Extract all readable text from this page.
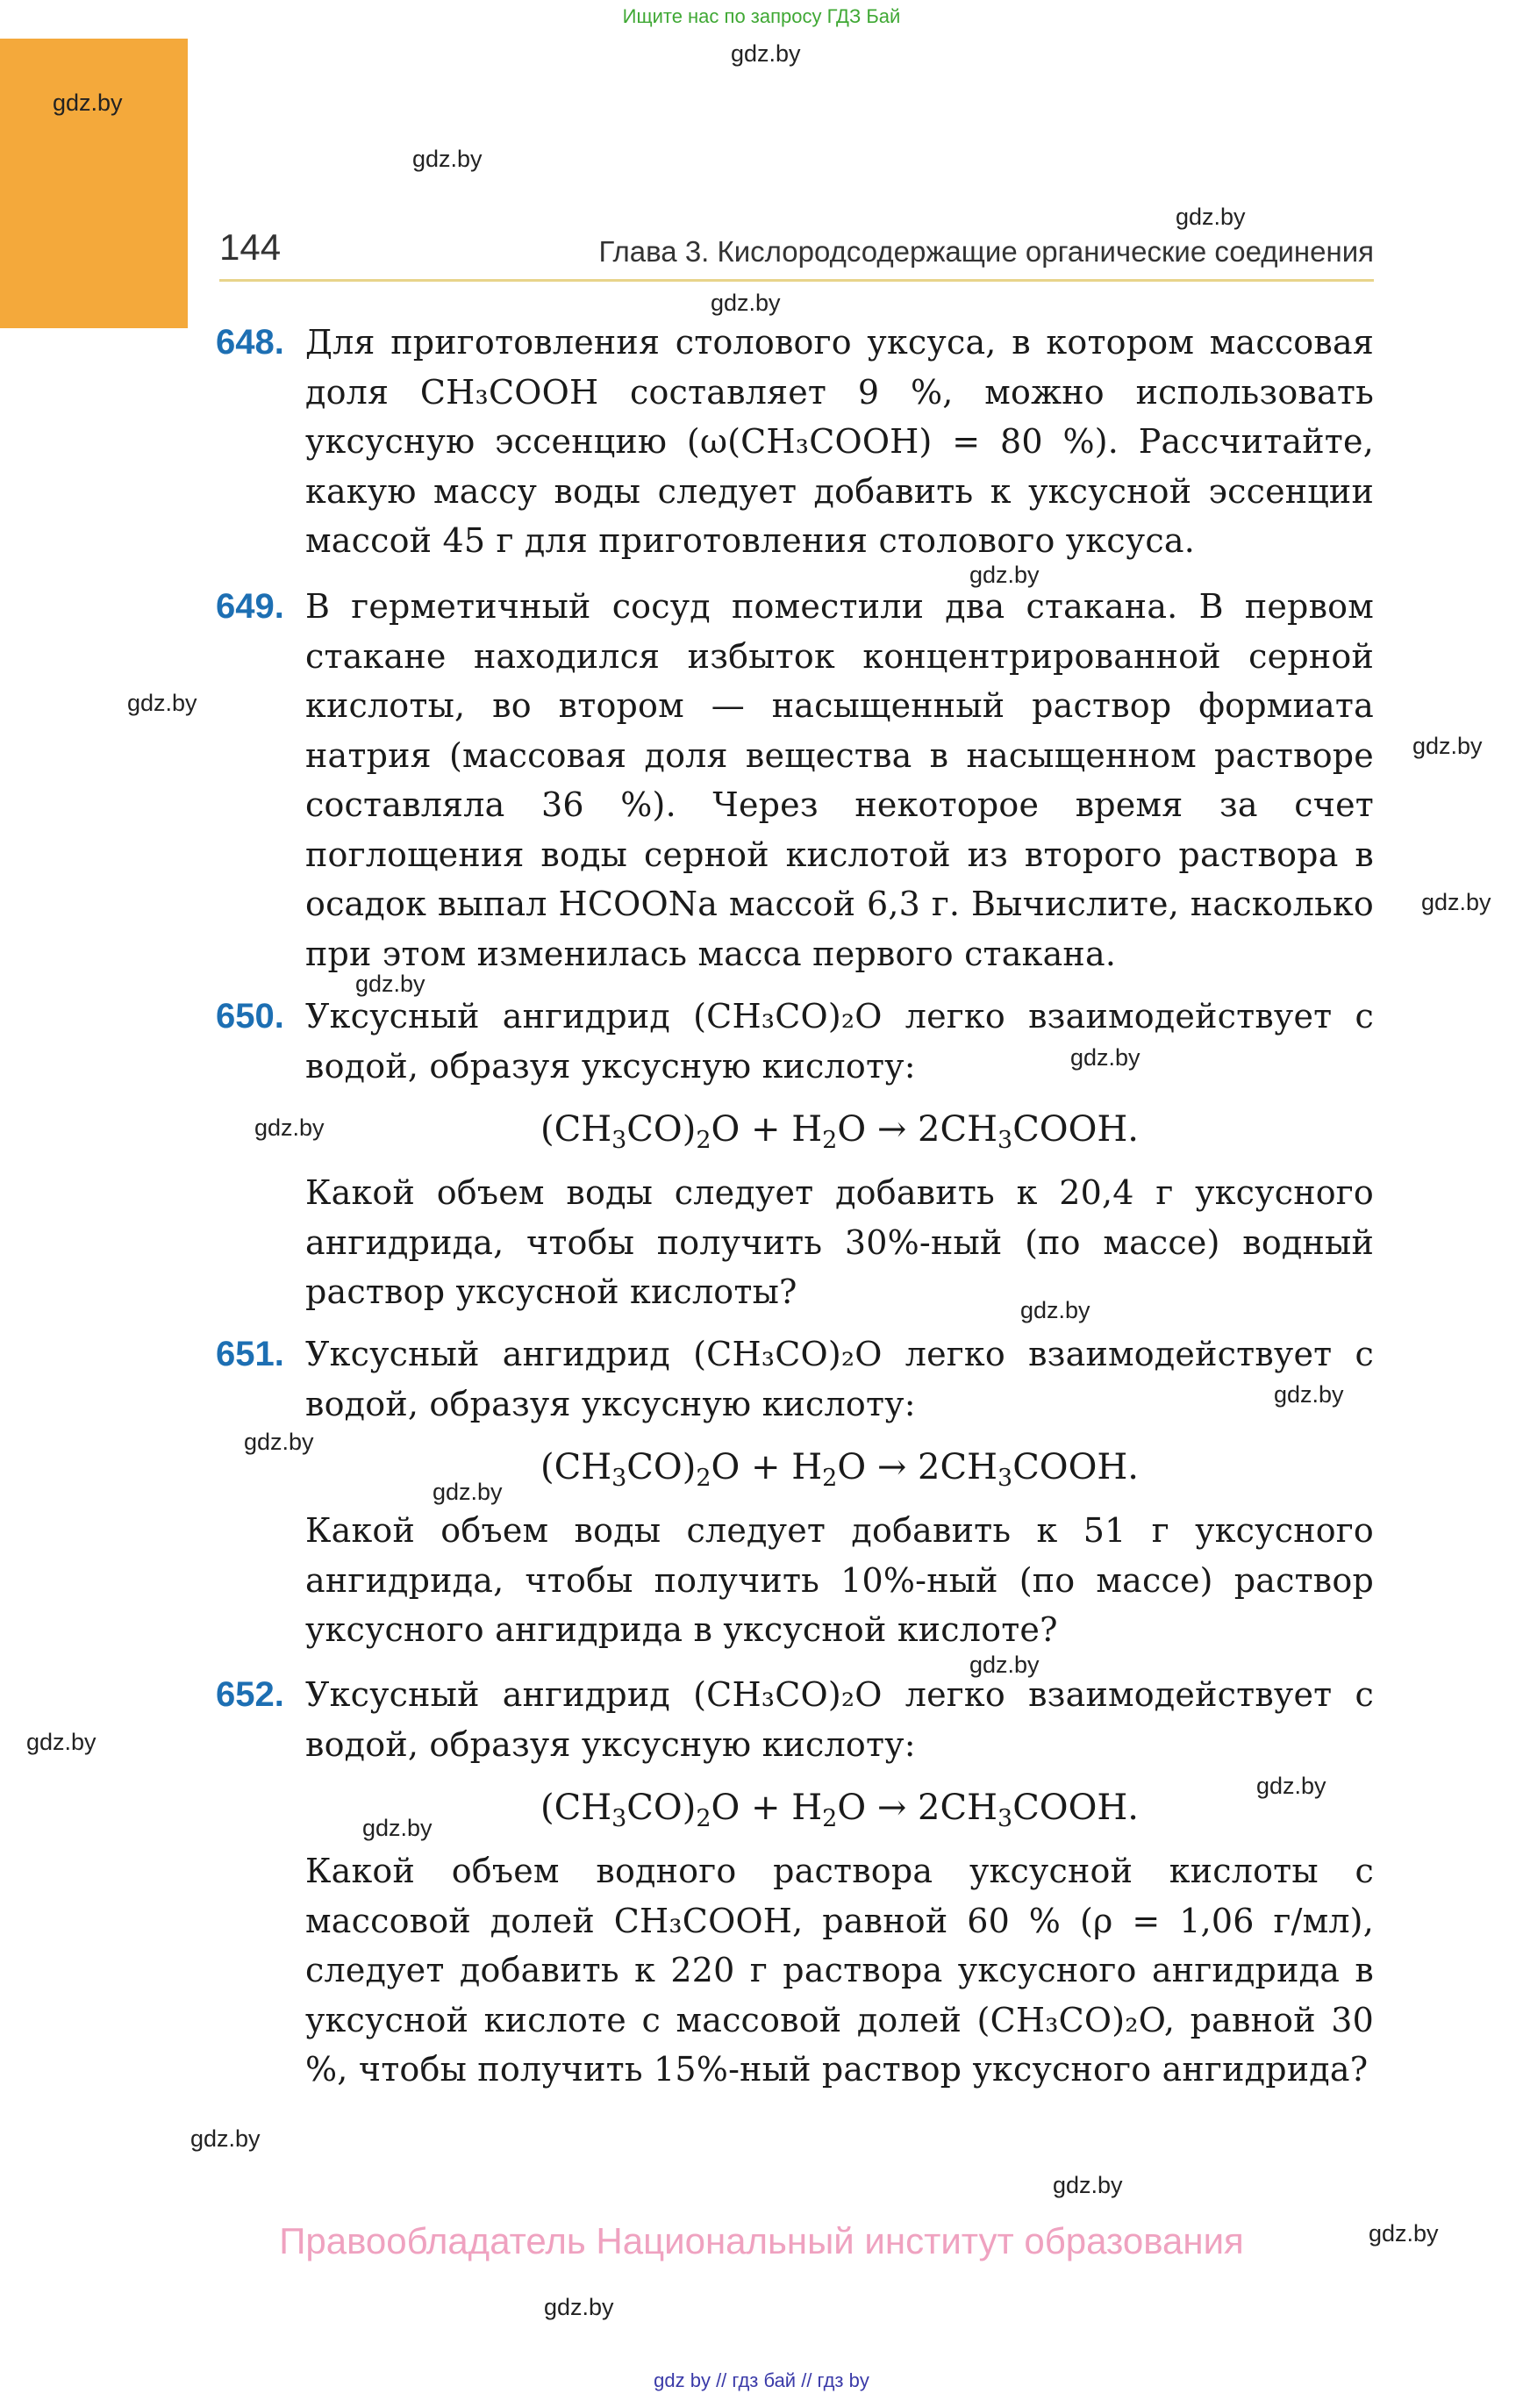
Ищите нас по запросу ГДЗ Бай
144	Глава 3. Кислородсодержащие органические соединения
gdz.by
gdz.by
gdz.by
gdz.by
gdz.by
gdz.by
gdz.by
gdz.by
gdz.by
gdz.by
gdz.by
gdz.by
gdz.by
gdz.by
gdz.by
gdz.by
gdz.by
gdz.by
gdz.by
gdz.by
gdz.by
gdz.by
gdz.by
gdz.by
648. Для приготовления столового уксуса, в котором массовая доля CH₃COOH составляет 9 %, можно использовать уксусную эссенцию (ω(CH₃COOH) = 80 %). Рассчитайте, какую массу воды следует добавить к уксусной эссенции массой 45 г для приготовления столового уксуса.
649. В герметичный сосуд поместили два стакана. В первом стакане находился избыток концентрированной серной кислоты, во втором — насыщенный раствор формиата натрия (массовая доля вещества в насыщенном растворе составляла 36 %). Через некоторое время за счет поглощения воды серной кислотой из второго раствора в осадок выпал HCOONa массой 6,3 г. Вычислите, насколько при этом изменилась масса первого стакана.
650. Уксусный ангидрид (CH₃CO)₂O легко взаимодействует с водой, образуя уксусную кислоту:
$(CH_3CO)_2O + H_2O$ → $2CH_3COOH$.
Какой объем воды следует добавить к 20,4 г уксусного ангидрида, чтобы получить 30%-ный (по массе) водный раствор уксусной кислоты?
651. Уксусный ангидрид (CH₃CO)₂O легко взаимодействует с водой, образуя уксусную кислоту:
$(CH_3CO)_2O + H_2O$ → $2CH_3COOH$.
Какой объем воды следует добавить к 51 г уксусного ангидрида, чтобы получить 10%-ный (по массе) раствор уксусного ангидрида в уксусной кислоте?
652. Уксусный ангидрид (CH₃CO)₂O легко взаимодействует с водой, образуя уксусную кислоту:
$(CH_3CO)_2O + H_2O$ → $2CH_3COOH$.
Какой объем водного раствора уксусной кислоты с массовой долей CH₃COOH, равной 60 % (ρ = 1,06 г/мл), следует добавить к 220 г раствора уксусного ангидрида в уксусной кислоте с массовой долей (CH₃CO)₂O, равной 30 %, чтобы получить 15%-ный раствор уксусного ангидрида?
Правообладатель Национальный институт образования
gdz by // гдз бай // гдз by
